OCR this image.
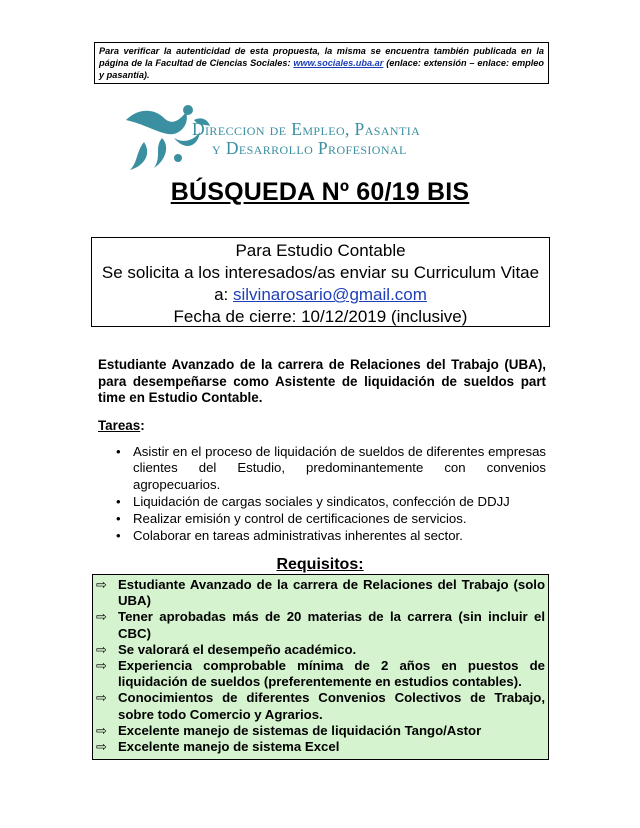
Para verificar la autenticidad de esta propuesta, la misma se encuentra también publicada en la página de la Facultad de Ciencias Sociales: www.sociales.uba.ar (enlace: extensión – enlace: empleo y pasantía).
Direccion de Empleo, Pasantia
y Desarrollo Profesional
BÚSQUEDA Nº 60/19 BIS
Para Estudio Contable
Se solicita a los interesados/as enviar su Curriculum Vitae
a: silvinarosario@gmail.com
Fecha de cierre: 10/12/2019 (inclusive)
Estudiante Avanzado de la carrera de Relaciones del Trabajo (UBA), para desempeñarse como Asistente de liquidación de sueldos part time en Estudio Contable.
Tareas:
• Asistir en el proceso de liquidación de sueldos de diferentes empresas clientes del Estudio, predominantemente con convenios agropecuarios.
• Liquidación de cargas sociales y sindicatos, confección de DDJJ
• Realizar emisión y control de certificaciones de servicios.
• Colaborar en tareas administrativas inherentes al sector.
Requisitos:
⇨ Estudiante Avanzado de la carrera de Relaciones del Trabajo (solo UBA)
⇨ Tener aprobadas más de 20 materias de la carrera (sin incluir el CBC)
⇨ Se valorará el desempeño académico.
⇨ Experiencia comprobable mínima de 2 años en puestos de liquidación de sueldos (preferentemente en estudios contables).
⇨ Conocimientos de diferentes Convenios Colectivos de Trabajo, sobre todo Comercio y Agrarios.
⇨ Excelente manejo de sistemas de liquidación Tango/Astor
⇨ Excelente manejo de sistema Excel
